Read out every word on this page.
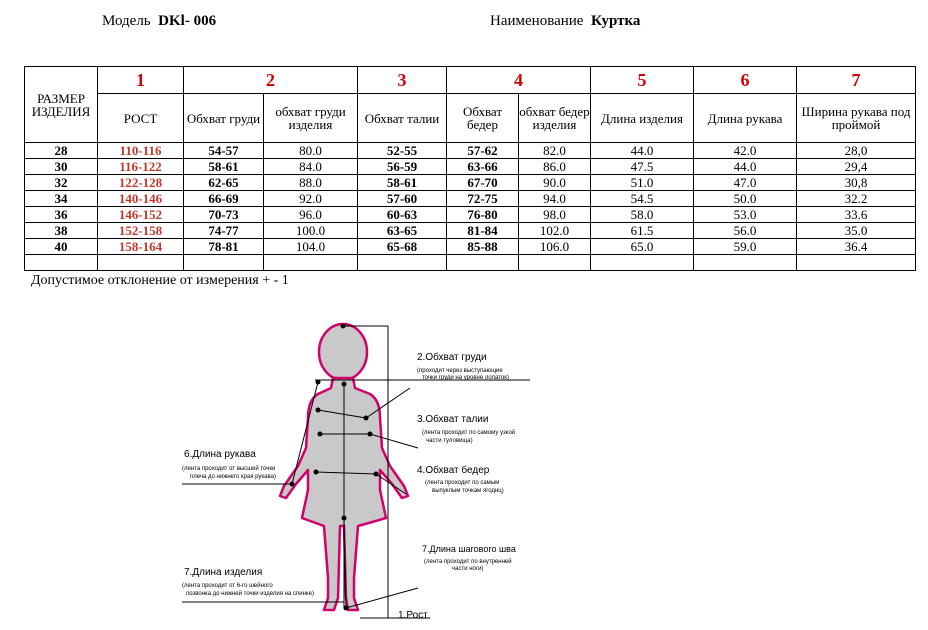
Модель DKl- 006	Наименование Куртка
РАЗМЕР ИЗДЕЛИЯ	1	2		3	4		5	6	7
	РОСТ	Обхват груди	обхват груди изделия	Обхват талии	Обхват бедер	обхват бедер изделия	Длина изделия	Длина рукава	Ширина рукава под проймой
28	110-116	54-57	80.0	52-55	57-62	82.0	44.0	42.0	28,0
30	116-122	58-61	84.0	56-59	63-66	86.0	47.5	44.0	29,4
32	122-128	62-65	88.0	58-61	67-70	90.0	51.0	47.0	30,8
34	140-146	66-69	92.0	57-60	72-75	94.0	54.5	50.0	32.2
36	146-152	70-73	96.0	60-63	76-80	98.0	58.0	53.0	33.6
38	152-158	74-77	100.0	63-65	81-84	102.0	61.5	56.0	35.0
40	158-164	78-81	104.0	65-68	85-88	106.0	65.0	59.0	36.4

Допустимое отклонение от измерения + - 1
2.Обхват груди
(проходит через выступающие
точки груди на уровне лопаток)
3.Обхват талии
(лента проходит по самому узкой
части туловища)
4.Обхват бедер
(лента проходит по самым
выпуклым точкам ягодиц)
6.Длина рукава
(лента проходит от высшей точки
плеча до нижнего края рукава)
7.Длина изделия
(лента проходит от 6-го шейного
позвонка до нижней точки изделия на спинке)
7.Длина шагового шва
(лента проходит по внутренней
части ноги)
1.Рост
